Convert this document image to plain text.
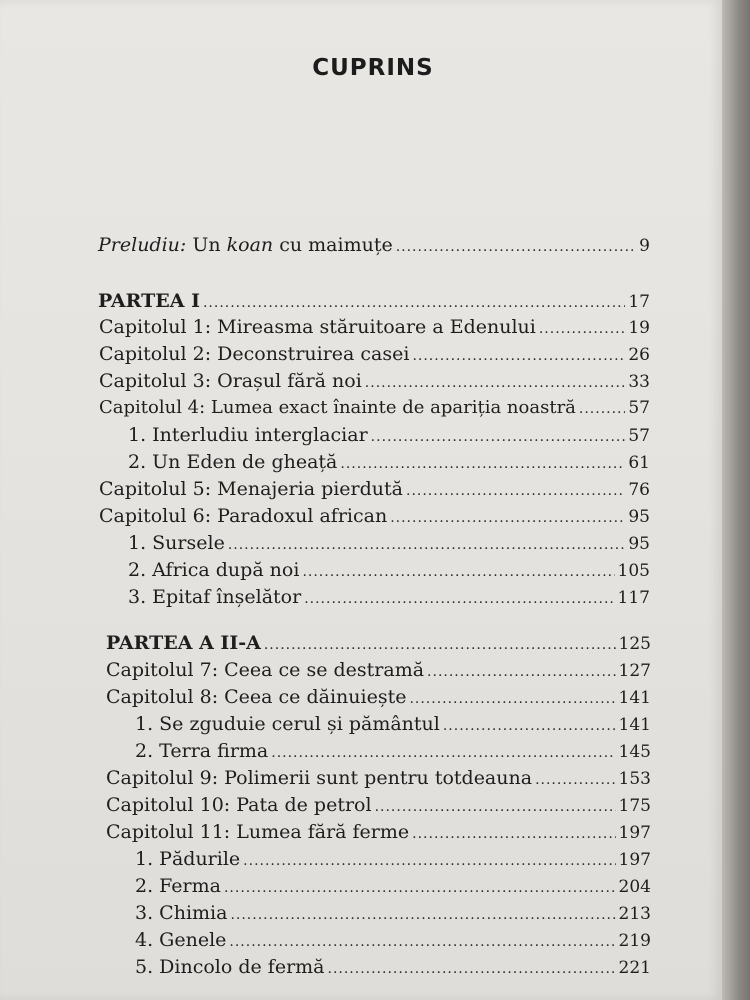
CUPRINS
Preludiu: Un koan cu maimuțe .....	9
PARTEA I .....	17
Capitolul 1: Mireasma stăruitoare a Edenului .....	19
Capitolul 2: Deconstruirea casei .....	26
Capitolul 3: Orașul fără noi .....	33
Capitolul 4: Lumea exact înainte de apariția noastră .....	57
1. Interludiu interglaciar .....	57
2. Un Eden de gheață .....	61
Capitolul 5: Menajeria pierdută .....	76
Capitolul 6: Paradoxul african .....	95
1. Sursele .....	95
2. Africa după noi .....	105
3. Epitaf înșelător .....	117
PARTEA A II-A .....	125
Capitolul 7: Ceea ce se destramă .....	127
Capitolul 8: Ceea ce dăinuiește .....	141
1. Se zguduie cerul și pământul .....	141
2. Terra firma .....	145
Capitolul 9: Polimerii sunt pentru totdeauna .....	153
Capitolul 10: Pata de petrol .....	175
Capitolul 11: Lumea fără ferme .....	197
1. Pădurile .....	197
2. Ferma .....	204
3. Chimia .....	213
4. Genele .....	219
5. Dincolo de fermă .....	221
